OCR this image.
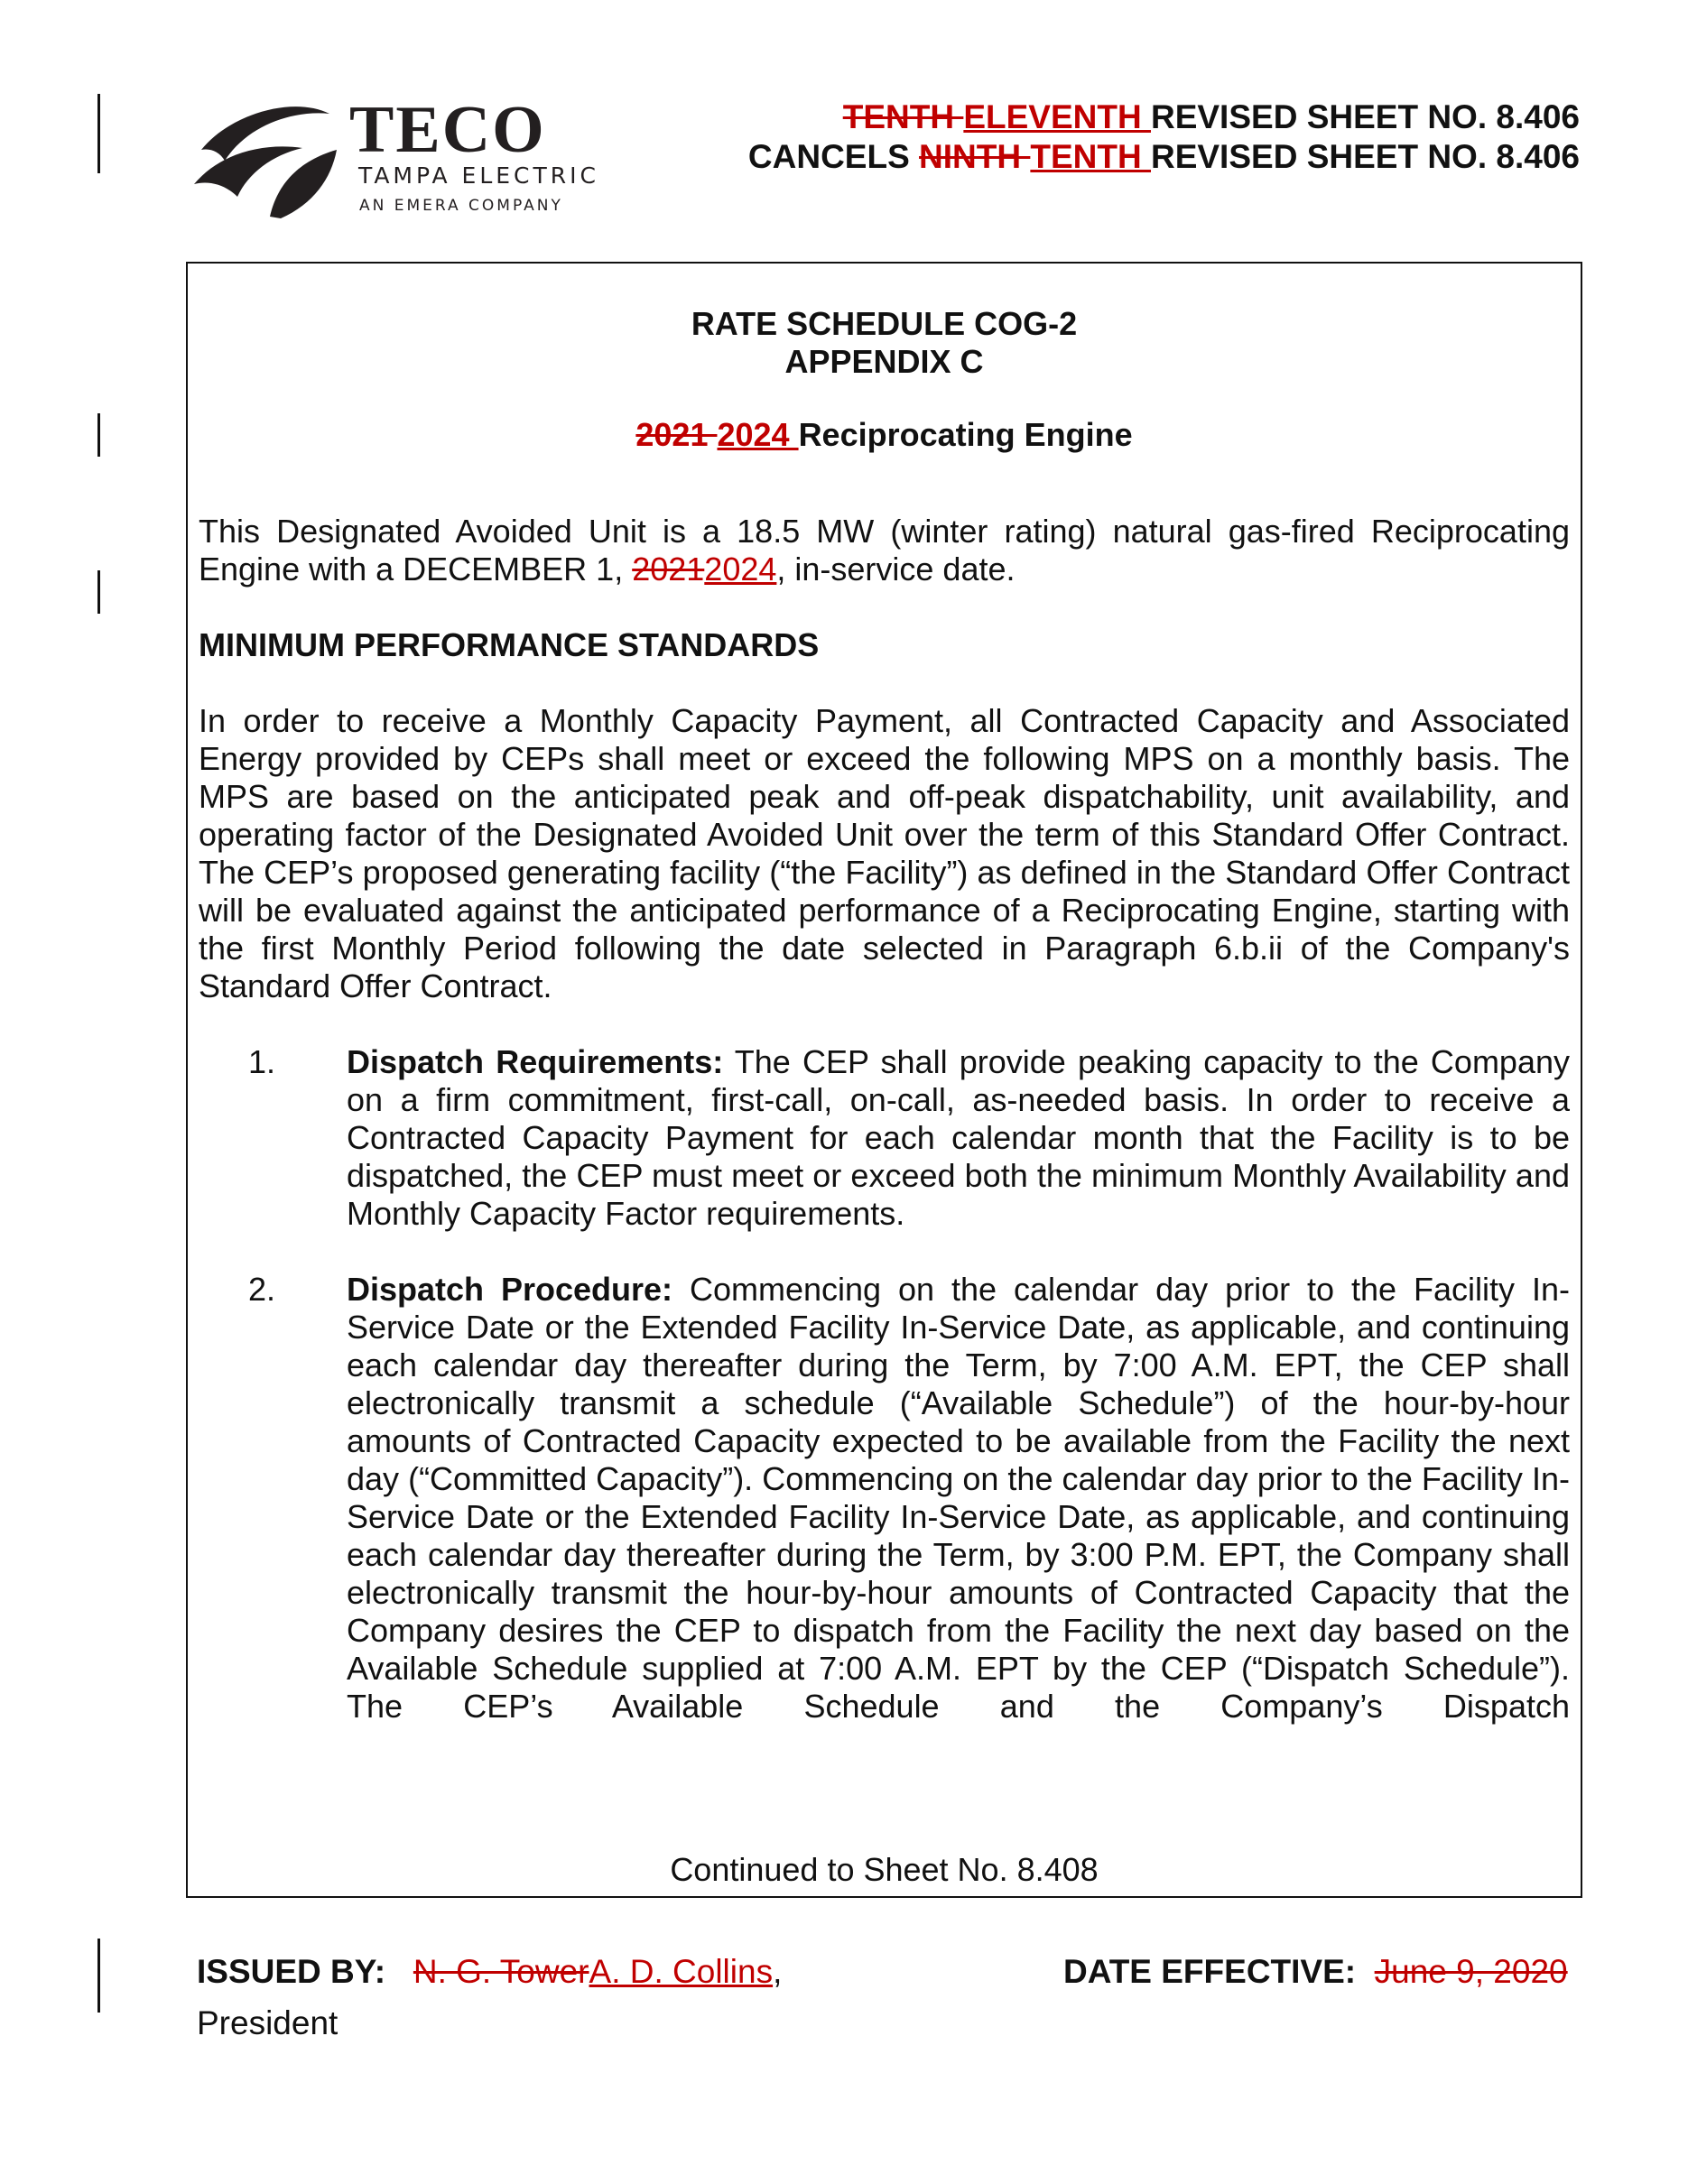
TECO
TAMPA ELECTRIC
AN EMERA COMPANY
TENTH ELEVENTH REVISED SHEET NO. 8.406
CANCELS NINTH TENTH REVISED SHEET NO. 8.406
RATE SCHEDULE COG-2
APPENDIX C
2021 2024 Reciprocating Engine

This Designated Avoided Unit is a 18.5 MW (winter rating) natural gas-fired Reciprocating Engine with a DECEMBER 1, 20212024, in-service date.

MINIMUM PERFORMANCE STANDARDS

In order to receive a Monthly Capacity Payment, all Contracted Capacity and Associated Energy provided by CEPs shall meet or exceed the following MPS on a monthly basis. The MPS are based on the anticipated peak and off-peak dispatchability, unit availability, and operating factor of the Designated Avoided Unit over the term of this Standard Offer Contract. The CEP’s proposed generating facility (“the Facility”) as defined in the Standard Offer Contract will be evaluated against the anticipated performance of a Reciprocating Engine, starting with the first Monthly Period following the date selected in Paragraph 6.b.ii of the Company's Standard Offer Contract.

1. Dispatch Requirements: The CEP shall provide peaking capacity to the Company on a firm commitment, first-call, on-call, as-needed basis. In order to receive a Contracted Capacity Payment for each calendar month that the Facility is to be dispatched, the CEP must meet or exceed both the minimum Monthly Availability and Monthly Capacity Factor requirements.

2. Dispatch Procedure: Commencing on the calendar day prior to the Facility In-Service Date or the Extended Facility In-Service Date, as applicable, and continuing each calendar day thereafter during the Term, by 7:00 A.M. EPT, the CEP shall electronically transmit a schedule (“Available Schedule”) of the hour-by-hour amounts of Contracted Capacity expected to be available from the Facility the next day (“Committed Capacity”). Commencing on the calendar day prior to the Facility In-Service Date or the Extended Facility In-Service Date, as applicable, and continuing each calendar day thereafter during the Term, by 3:00 P.M. EPT, the Company shall electronically transmit the hour-by-hour amounts of Contracted Capacity that the Company desires the CEP to dispatch from the Facility the next day based on the Available Schedule supplied at 7:00 A.M. EPT by the CEP (“Dispatch Schedule”). The CEP’s Available Schedule and the Company’s Dispatch

Continued to Sheet No. 8.408
ISSUED BY: N. G. TowerA. D. Collins,
President
DATE EFFECTIVE: June 9, 2020
